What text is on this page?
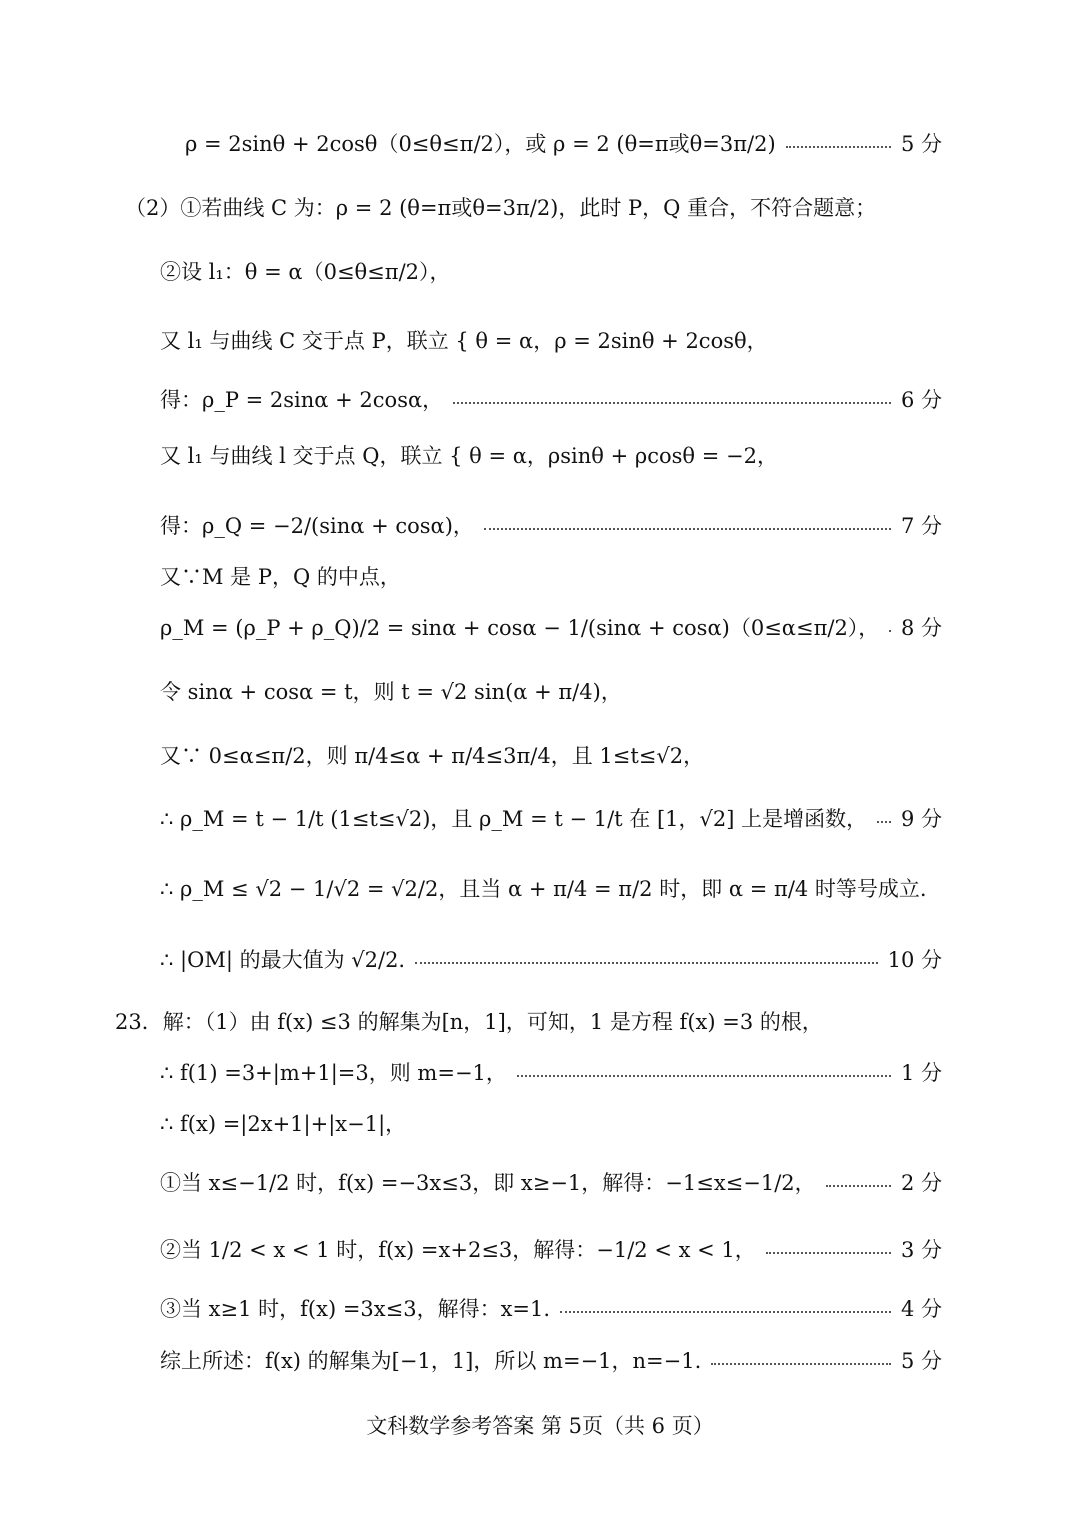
ρ = 2sinθ + 2cosθ（0≤θ≤π/2），或 ρ = 2 (θ=π或θ=3π/2)	5 分
（2）①若曲线 C 为：ρ = 2 (θ=π或θ=3π/2)，此时 P，Q 重合，不符合题意；
②设 l₁：θ = α（0≤θ≤π/2），
又 l₁ 与曲线 C 交于点 P，联立 { θ = α，ρ = 2sinθ + 2cosθ，
得：ρ_P = 2sinα + 2cosα，	6 分
又 l₁ 与曲线 l 交于点 Q，联立 { θ = α，ρsinθ + ρcosθ = −2，
得：ρ_Q = −2/(sinα + cosα)，	7 分
又∵M 是 P，Q 的中点，
ρ_M = (ρ_P + ρ_Q)/2 = sinα + cosα − 1/(sinα + cosα)（0≤α≤π/2）， 8 分
令 sinα + cosα = t，则 t = √2 sin(α + π/4)，
又∵ 0≤α≤π/2，则 π/4≤α + π/4≤3π/4，且 1≤t≤√2，
∴ ρ_M = t − 1/t (1≤t≤√2)，且 ρ_M = t − 1/t 在 [1，√2] 上是增函数， 9 分
∴ ρ_M ≤ √2 − 1/√2 = √2/2，且当 α + π/4 = π/2 时，即 α = π/4 时等号成立.
∴ |OM| 的最大值为 √2/2.	10 分
23．解：（1）由 f(x) ≤3 的解集为[n，1]，可知，1 是方程 f(x) =3 的根，
∴ f(1) =3+|m+1|=3，则 m=−1，	1 分
∴ f(x) =|2x+1|+|x−1|，
①当 x≤−1/2 时，f(x) =−3x≤3，即 x≥−1，解得：−1≤x≤−1/2，	2 分
②当 1/2 < x < 1 时，f(x) =x+2≤3，解得：−1/2 < x < 1，	3 分
③当 x≥1 时，f(x) =3x≤3，解得：x=1.	4 分
综上所述：f(x) 的解集为[−1，1]，所以 m=−1，n=−1.	5 分
文科数学参考答案 第 5页（共 6 页）
